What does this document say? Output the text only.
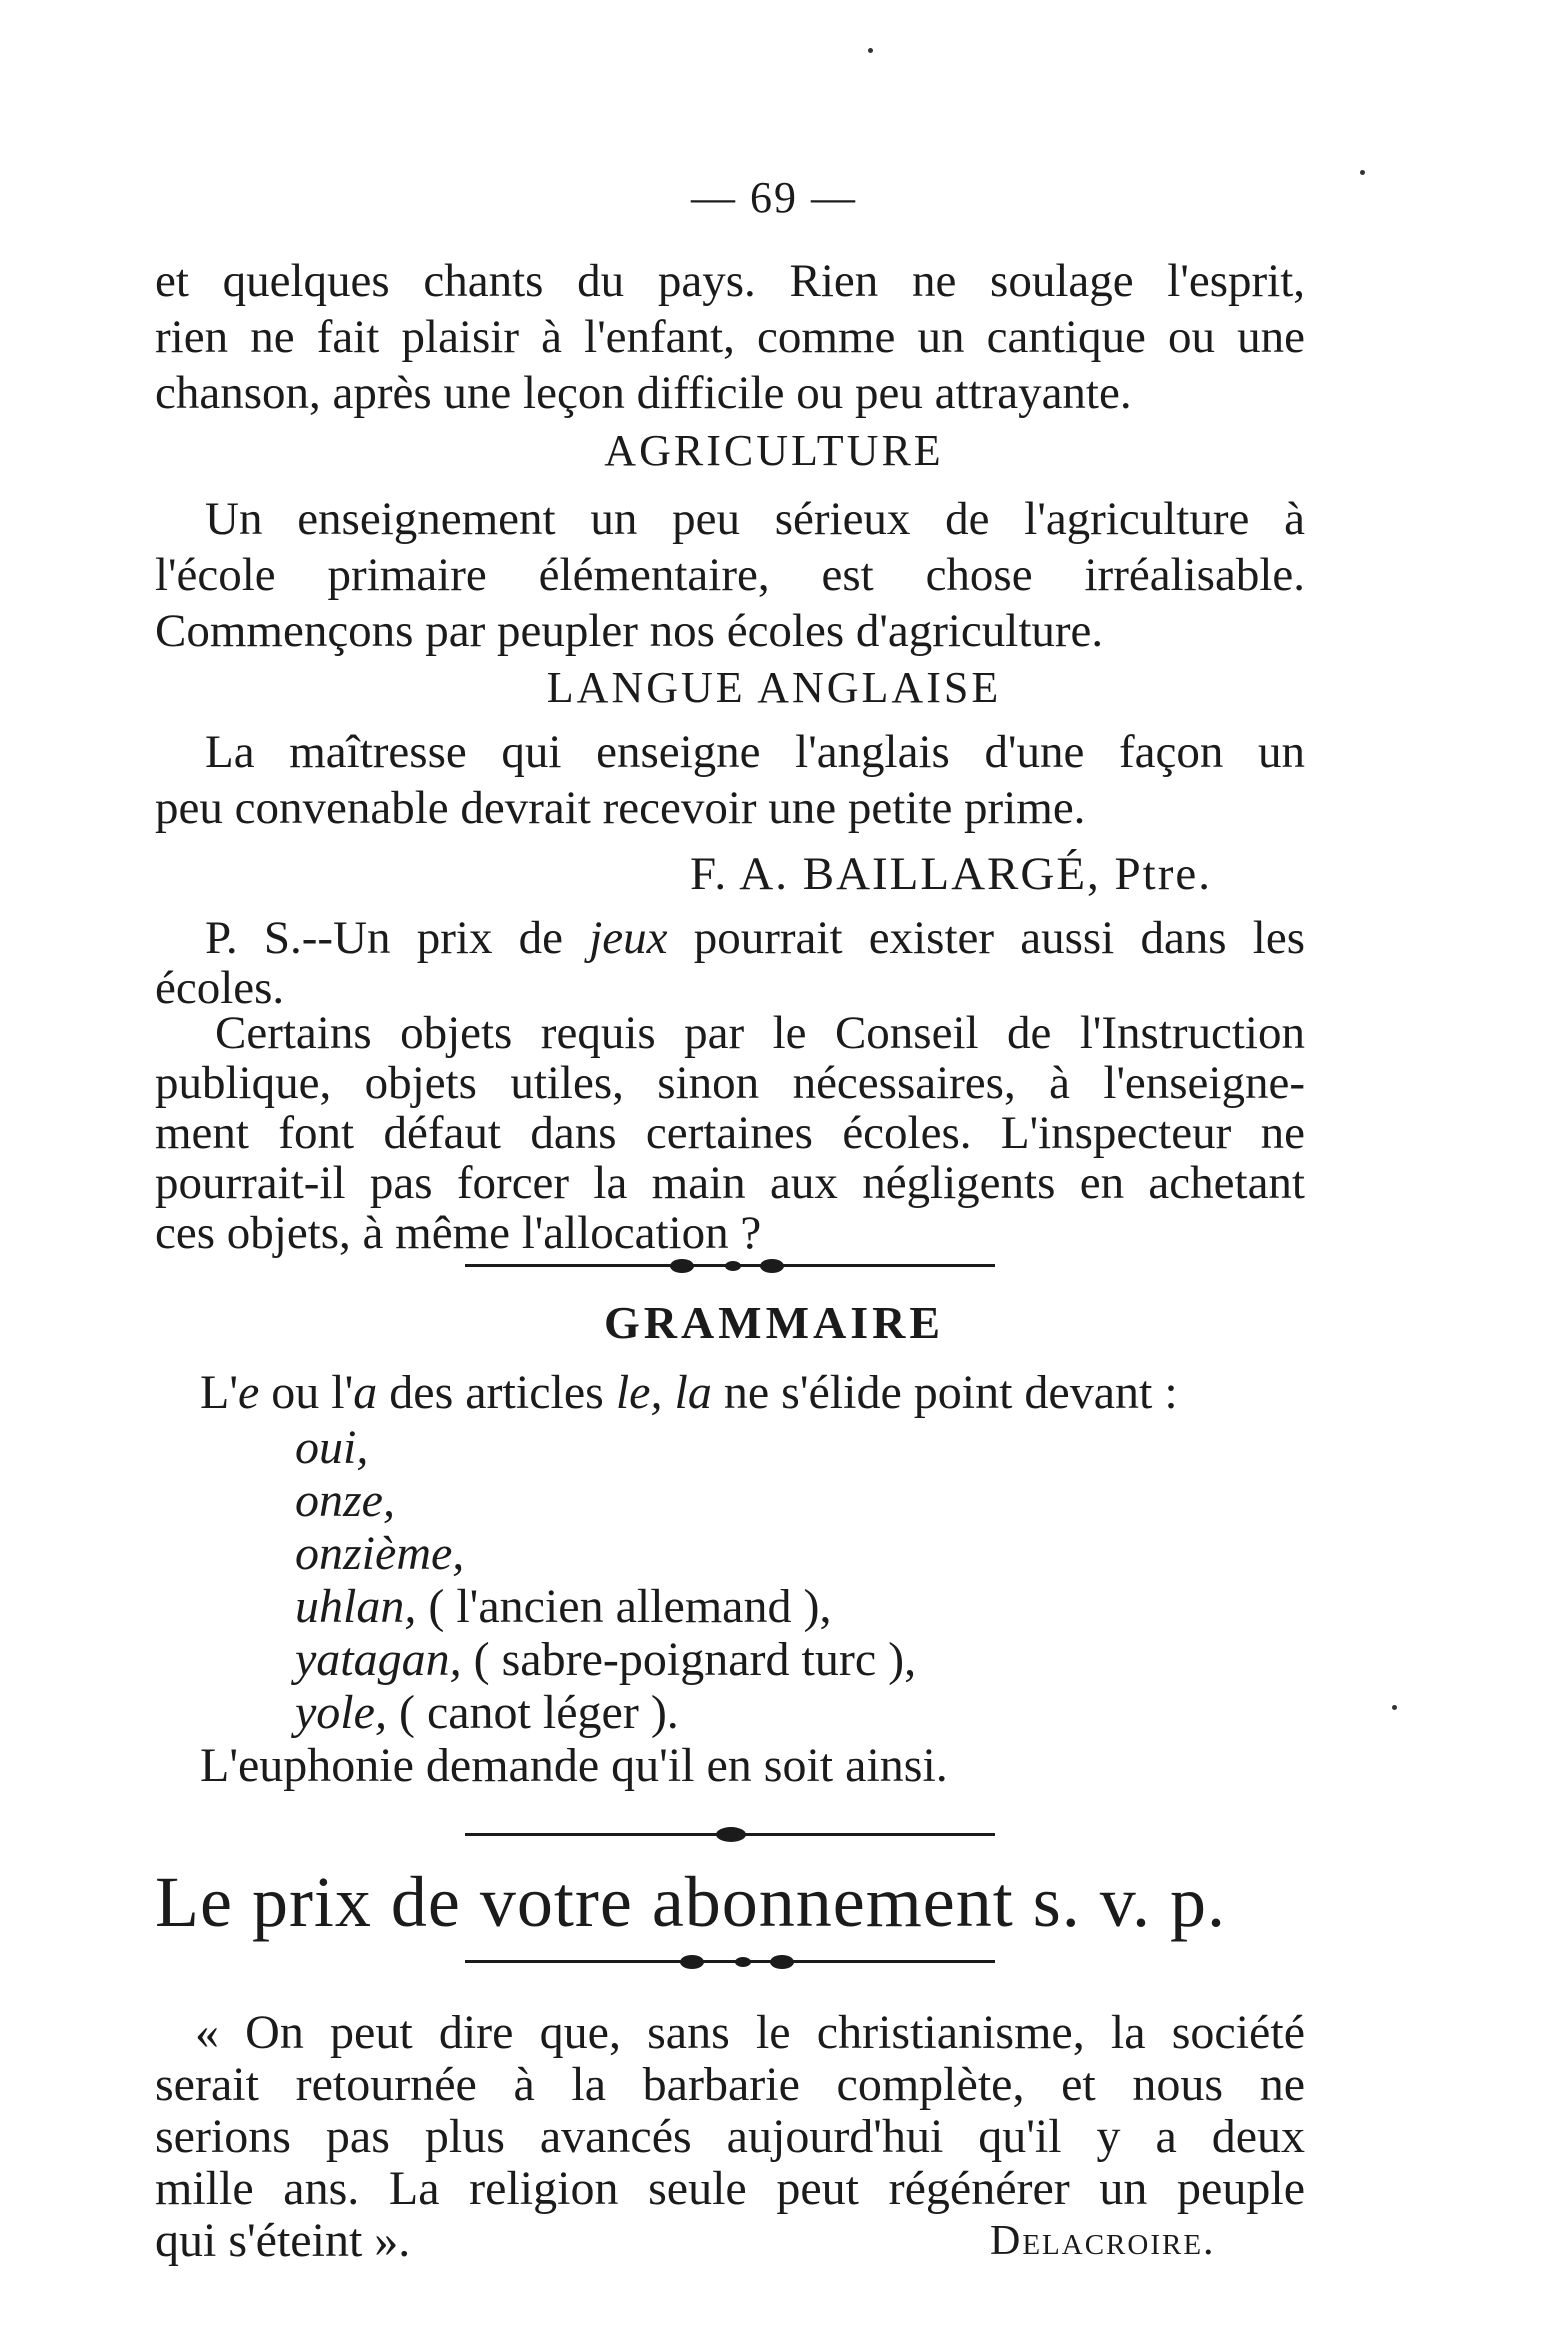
— 69 —
et quelques chants du pays. Rien ne soulage l'esprit,
rien ne fait plaisir à l'enfant, comme un cantique ou une
chanson, après une leçon difficile ou peu attrayante.
AGRICULTURE
Un enseignement un peu sérieux de l'agriculture à
l'école primaire élémentaire, est chose irréalisable.
Commençons par peupler nos écoles d'agriculture.
LANGUE ANGLAISE
La maîtresse qui enseigne l'anglais d'une façon un
peu convenable devrait recevoir une petite prime.
F. A. BAILLARGÉ, Ptre.
P. S.--Un prix de jeux pourrait exister aussi dans les
écoles.
Certains objets requis par le Conseil de l'Instruction
publique, objets utiles, sinon nécessaires, à l'enseigne-
ment font défaut dans certaines écoles. L'inspecteur ne
pourrait-il pas forcer la main aux négligents en achetant
ces objets, à même l'allocation ?
GRAMMAIRE
L'e ou l'a des articles le, la ne s'élide point devant :
oui,
onze,
onzième,
uhlan, ( l'ancien allemand ),
yatagan, ( sabre-poignard turc ),
yole, ( canot léger ).
L'euphonie demande qu'il en soit ainsi.
Le prix de votre abonnement s. v. p.
« On peut dire que, sans le christianisme, la société
serait retournée à la barbarie complète, et nous ne
serions pas plus avancés aujourd'hui qu'il y a deux
mille ans. La religion seule peut régénérer un peuple
qui s'éteint ».	Delacroire.
